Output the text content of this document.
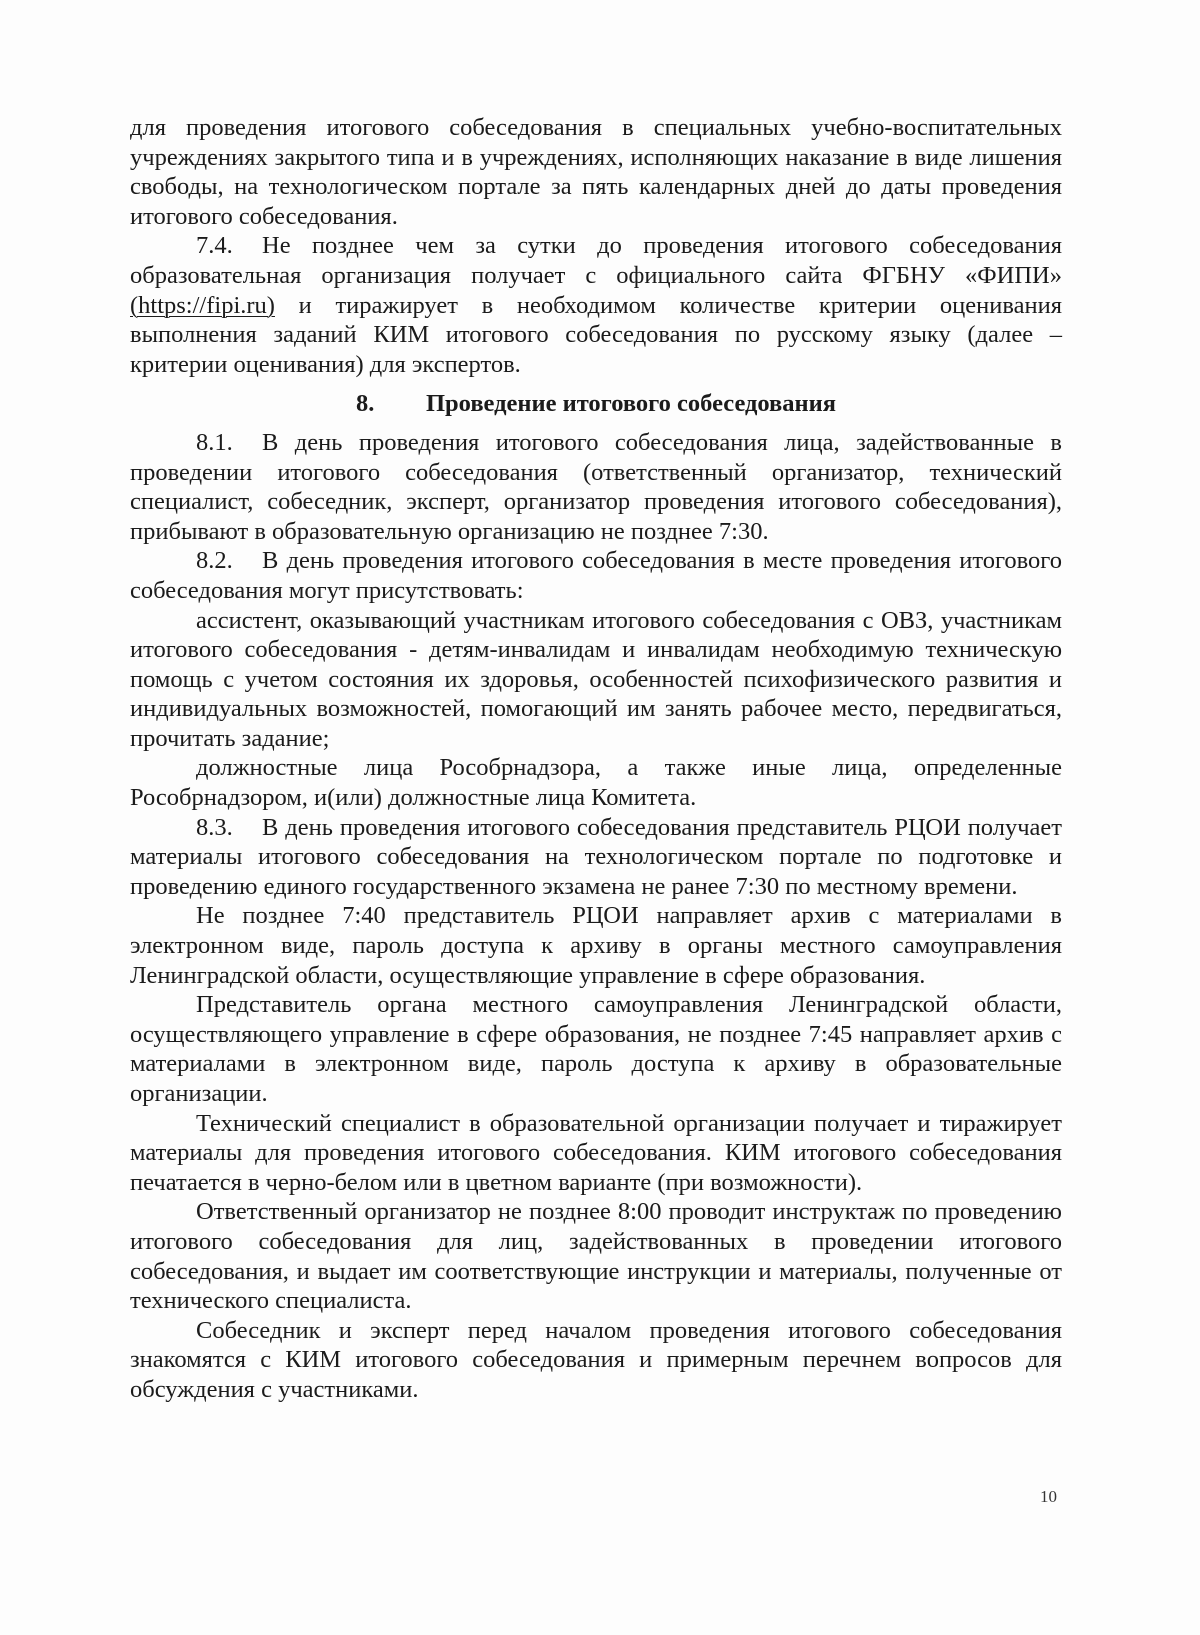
для проведения итогового собеседования в специальных учебно-воспитательных учреждениях закрытого типа и в учреждениях, исполняющих наказание в виде лишения свободы, на технологическом портале за пять календарных дней до даты проведения итогового собеседования.

7.4. Не позднее чем за сутки до проведения итогового собеседования образовательная организация получает с официального сайта ФГБНУ «ФИПИ» (https://fipi.ru) и тиражирует в необходимом количестве критерии оценивания выполнения заданий КИМ итогового собеседования по русскому языку (далее – критерии оценивания) для экспертов.

8. Проведение итогового собеседования

8.1. В день проведения итогового собеседования лица, задействованные в проведении итогового собеседования (ответственный организатор, технический специалист, собеседник, эксперт, организатор проведения итогового собеседования), прибывают в образовательную организацию не позднее 7:30.

8.2. В день проведения итогового собеседования в месте проведения итогового собеседования могут присутствовать:

ассистент, оказывающий участникам итогового собеседования с ОВЗ, участникам итогового собеседования - детям-инвалидам и инвалидам необходимую техническую помощь с учетом состояния их здоровья, особенностей психофизического развития и индивидуальных возможностей, помогающий им занять рабочее место, передвигаться, прочитать задание;

должностные лица Рособрнадзора, а также иные лица, определенные Рособрнадзором, и(или) должностные лица Комитета.

8.3. В день проведения итогового собеседования представитель РЦОИ получает материалы итогового собеседования на технологическом портале по подготовке и проведению единого государственного экзамена не ранее 7:30 по местному времени.

Не позднее 7:40 представитель РЦОИ направляет архив с материалами в электронном виде, пароль доступа к архиву в органы местного самоуправления Ленинградской области, осуществляющие управление в сфере образования.

Представитель органа местного самоуправления Ленинградской области, осуществляющего управление в сфере образования, не позднее 7:45 направляет архив с материалами в электронном виде, пароль доступа к архиву в образовательные организации.

Технический специалист в образовательной организации получает и тиражирует материалы для проведения итогового собеседования. КИМ итогового собеседования печатается в черно-белом или в цветном варианте (при возможности).

Ответственный организатор не позднее 8:00 проводит инструктаж по проведению итогового собеседования для лиц, задействованных в проведении итогового собеседования, и выдает им соответствующие инструкции и материалы, полученные от технического специалиста.

Собеседник и эксперт перед началом проведения итогового собеседования знакомятся с КИМ итогового собеседования и примерным перечнем вопросов для обсуждения с участниками.

10
